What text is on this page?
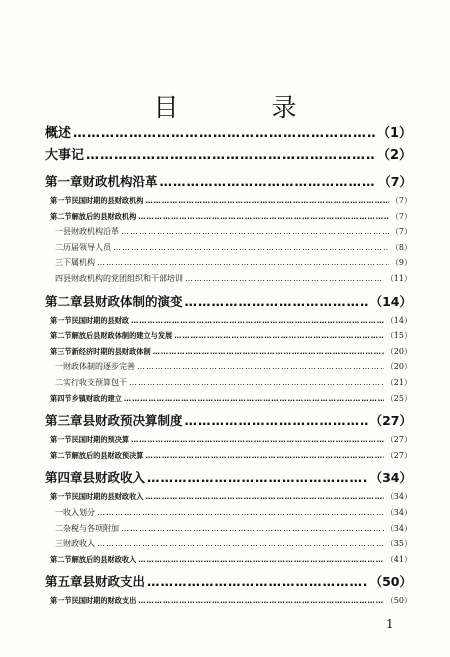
目　录
概述 …………………………………………………………………………………………………………………………………………………………………………………………………………………………………………	（1）
大事记 …………………………………………………………………………………………………………………………………………………………………………………………………………………………………………	（2）
第一章 财政机构沿革 …………………………………………………………………………………………………………………………………………………………………………………………………………………………………………	（7）
第一节 民国时期的县财政机构 …………………………………………………………………………………………………………………………………………………………………………………………………………………………………………	（7）
第二节 解放后的县财政机构 …………………………………………………………………………………………………………………………………………………………………………………………………………………………………………	（7）
一 县财政机构沿革 …………………………………………………………………………………………………………………………………………………………………………………………………………………………………………	（7）
二 历届领导人员 …………………………………………………………………………………………………………………………………………………………………………………………………………………………………………	（8）
三 下属机构 …………………………………………………………………………………………………………………………………………………………………………………………………………………………………………	（9）
四 县财政机构的党团组织和干部培训 …………………………………………………………………………………………………………………………………………………………………………………………………………………………………………	（11）
第二章 县财政体制的演变 …………………………………………………………………………………………………………………………………………………………………………………………………………………………………………	（14）
第一节 民国时期的县财政 …………………………………………………………………………………………………………………………………………………………………………………………………………………………………………	（14）
第二节 解放后县财政体制的建立与发展 …………………………………………………………………………………………………………………………………………………………………………………………………………………………………………	（15）
第三节 新经济时期的县财政体制 …………………………………………………………………………………………………………………………………………………………………………………………………………………………………………	（20）
一 财政体制的逐步完善 …………………………………………………………………………………………………………………………………………………………………………………………………………………………………………	（20）
二 实行收支预算包干 …………………………………………………………………………………………………………………………………………………………………………………………………………………………………………	（21）
第四节 乡镇财政的建立 …………………………………………………………………………………………………………………………………………………………………………………………………………………………………………	（25）
第三章 县财政预决算制度 …………………………………………………………………………………………………………………………………………………………………………………………………………………………………………	（27）
第一节 民国时期的预决算 …………………………………………………………………………………………………………………………………………………………………………………………………………………………………………	（27）
第二节 解放后的县财政预决算 …………………………………………………………………………………………………………………………………………………………………………………………………………………………………………	（27）
第四章 县财政收入 …………………………………………………………………………………………………………………………………………………………………………………………………………………………………………	（34）
第一节 民国时期的县财政收入 …………………………………………………………………………………………………………………………………………………………………………………………………………………………………………	（34）
一 收入划分 …………………………………………………………………………………………………………………………………………………………………………………………………………………………………………	（34）
二 杂税与各项附加 …………………………………………………………………………………………………………………………………………………………………………………………………………………………………………	（34）
三 财政收入 …………………………………………………………………………………………………………………………………………………………………………………………………………………………………………	（35）
第二节 解放后的县财政收入 …………………………………………………………………………………………………………………………………………………………………………………………………………………………………………	（41）
第五章 县财政支出 …………………………………………………………………………………………………………………………………………………………………………………………………………………………………………	（50）
第一节 民国时期的财政支出 …………………………………………………………………………………………………………………………………………………………………………………………………………………………………………	（50）
1
